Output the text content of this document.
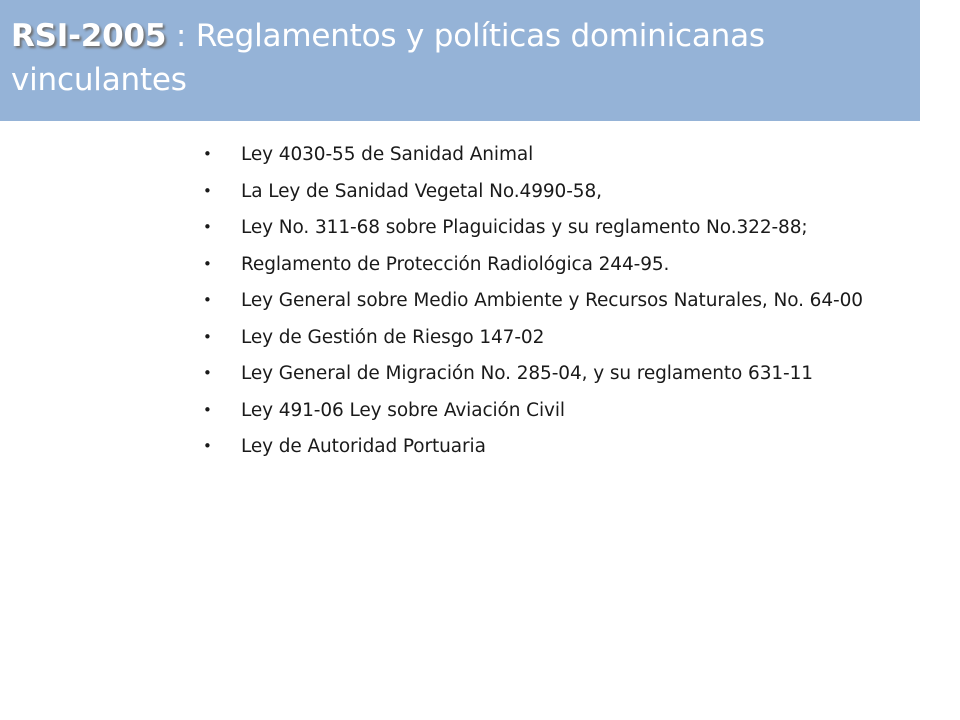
RSI-2005 : Reglamentos y políticas dominicanas vinculantes
• Ley 4030-55 de Sanidad Animal
• La Ley de Sanidad Vegetal No.4990-58,
• Ley No. 311-68 sobre Plaguicidas y su reglamento No.322-88;
• Reglamento de Protección Radiológica 244-95.
• Ley General sobre Medio Ambiente y Recursos Naturales, No. 64-00
• Ley de Gestión de Riesgo 147-02
• Ley General de Migración No. 285-04, y su reglamento 631-11
• Ley 491-06 Ley sobre Aviación Civil
• Ley de Autoridad Portuaria
